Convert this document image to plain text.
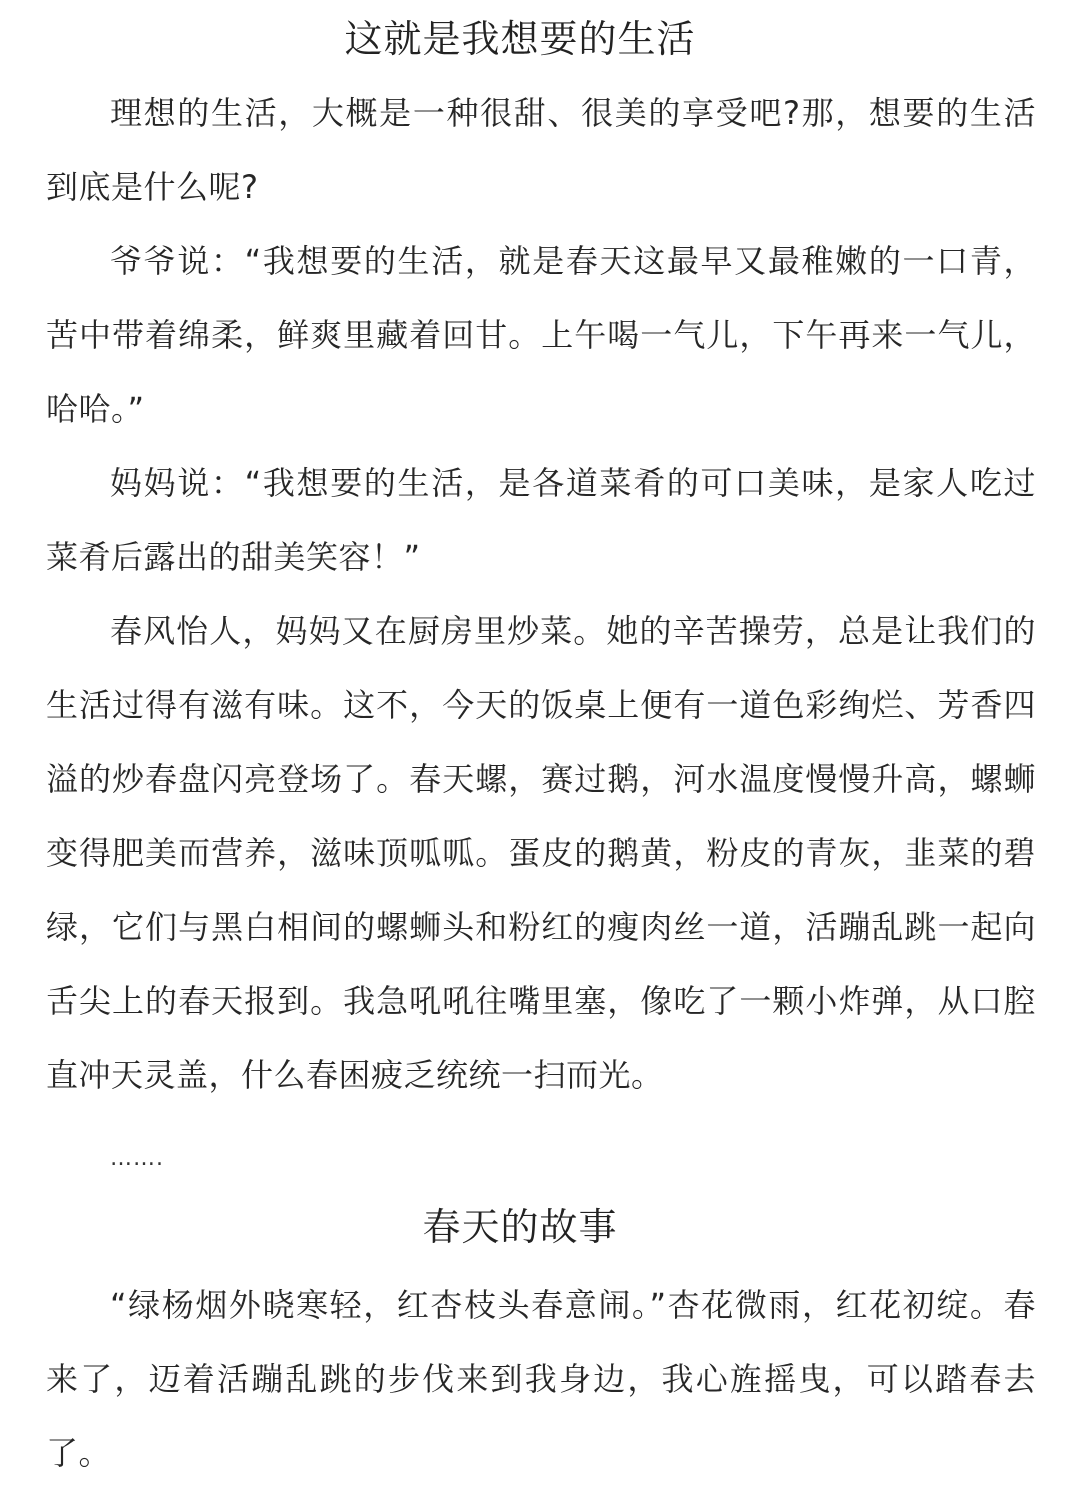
这就是我想要的生活

理想的生活，大概是一种很甜、很美的享受吧?那，想要的生活到底是什么呢?

爷爷说：“我想要的生活，就是春天这最早又最稚嫩的一口青，苦中带着绵柔，鲜爽里藏着回甘。上午喝一气儿，下午再来一气儿，哈哈。”

妈妈说：“我想要的生活，是各道菜肴的可口美味，是家人吃过菜肴后露出的甜美笑容！”

春风怡人，妈妈又在厨房里炒菜。她的辛苦操劳，总是让我们的生活过得有滋有味。这不，今天的饭桌上便有一道色彩绚烂、芳香四溢的炒春盘闪亮登场了。春天螺，赛过鹅，河水温度慢慢升高，螺蛳变得肥美而营养，滋味顶呱呱。蛋皮的鹅黄，粉皮的青灰，韭菜的碧绿，它们与黑白相间的螺蛳头和粉红的瘦肉丝一道，活蹦乱跳一起向舌尖上的春天报到。我急吼吼往嘴里塞，像吃了一颗小炸弹，从口腔直冲天灵盖，什么春困疲乏统统一扫而光。

…….
春天的故事

“绿杨烟外晓寒轻，红杏枝头春意闹。”杏花微雨，红花初绽。春来了，迈着活蹦乱跳的步伐来到我身边，我心旌摇曳，可以踏春去了。
